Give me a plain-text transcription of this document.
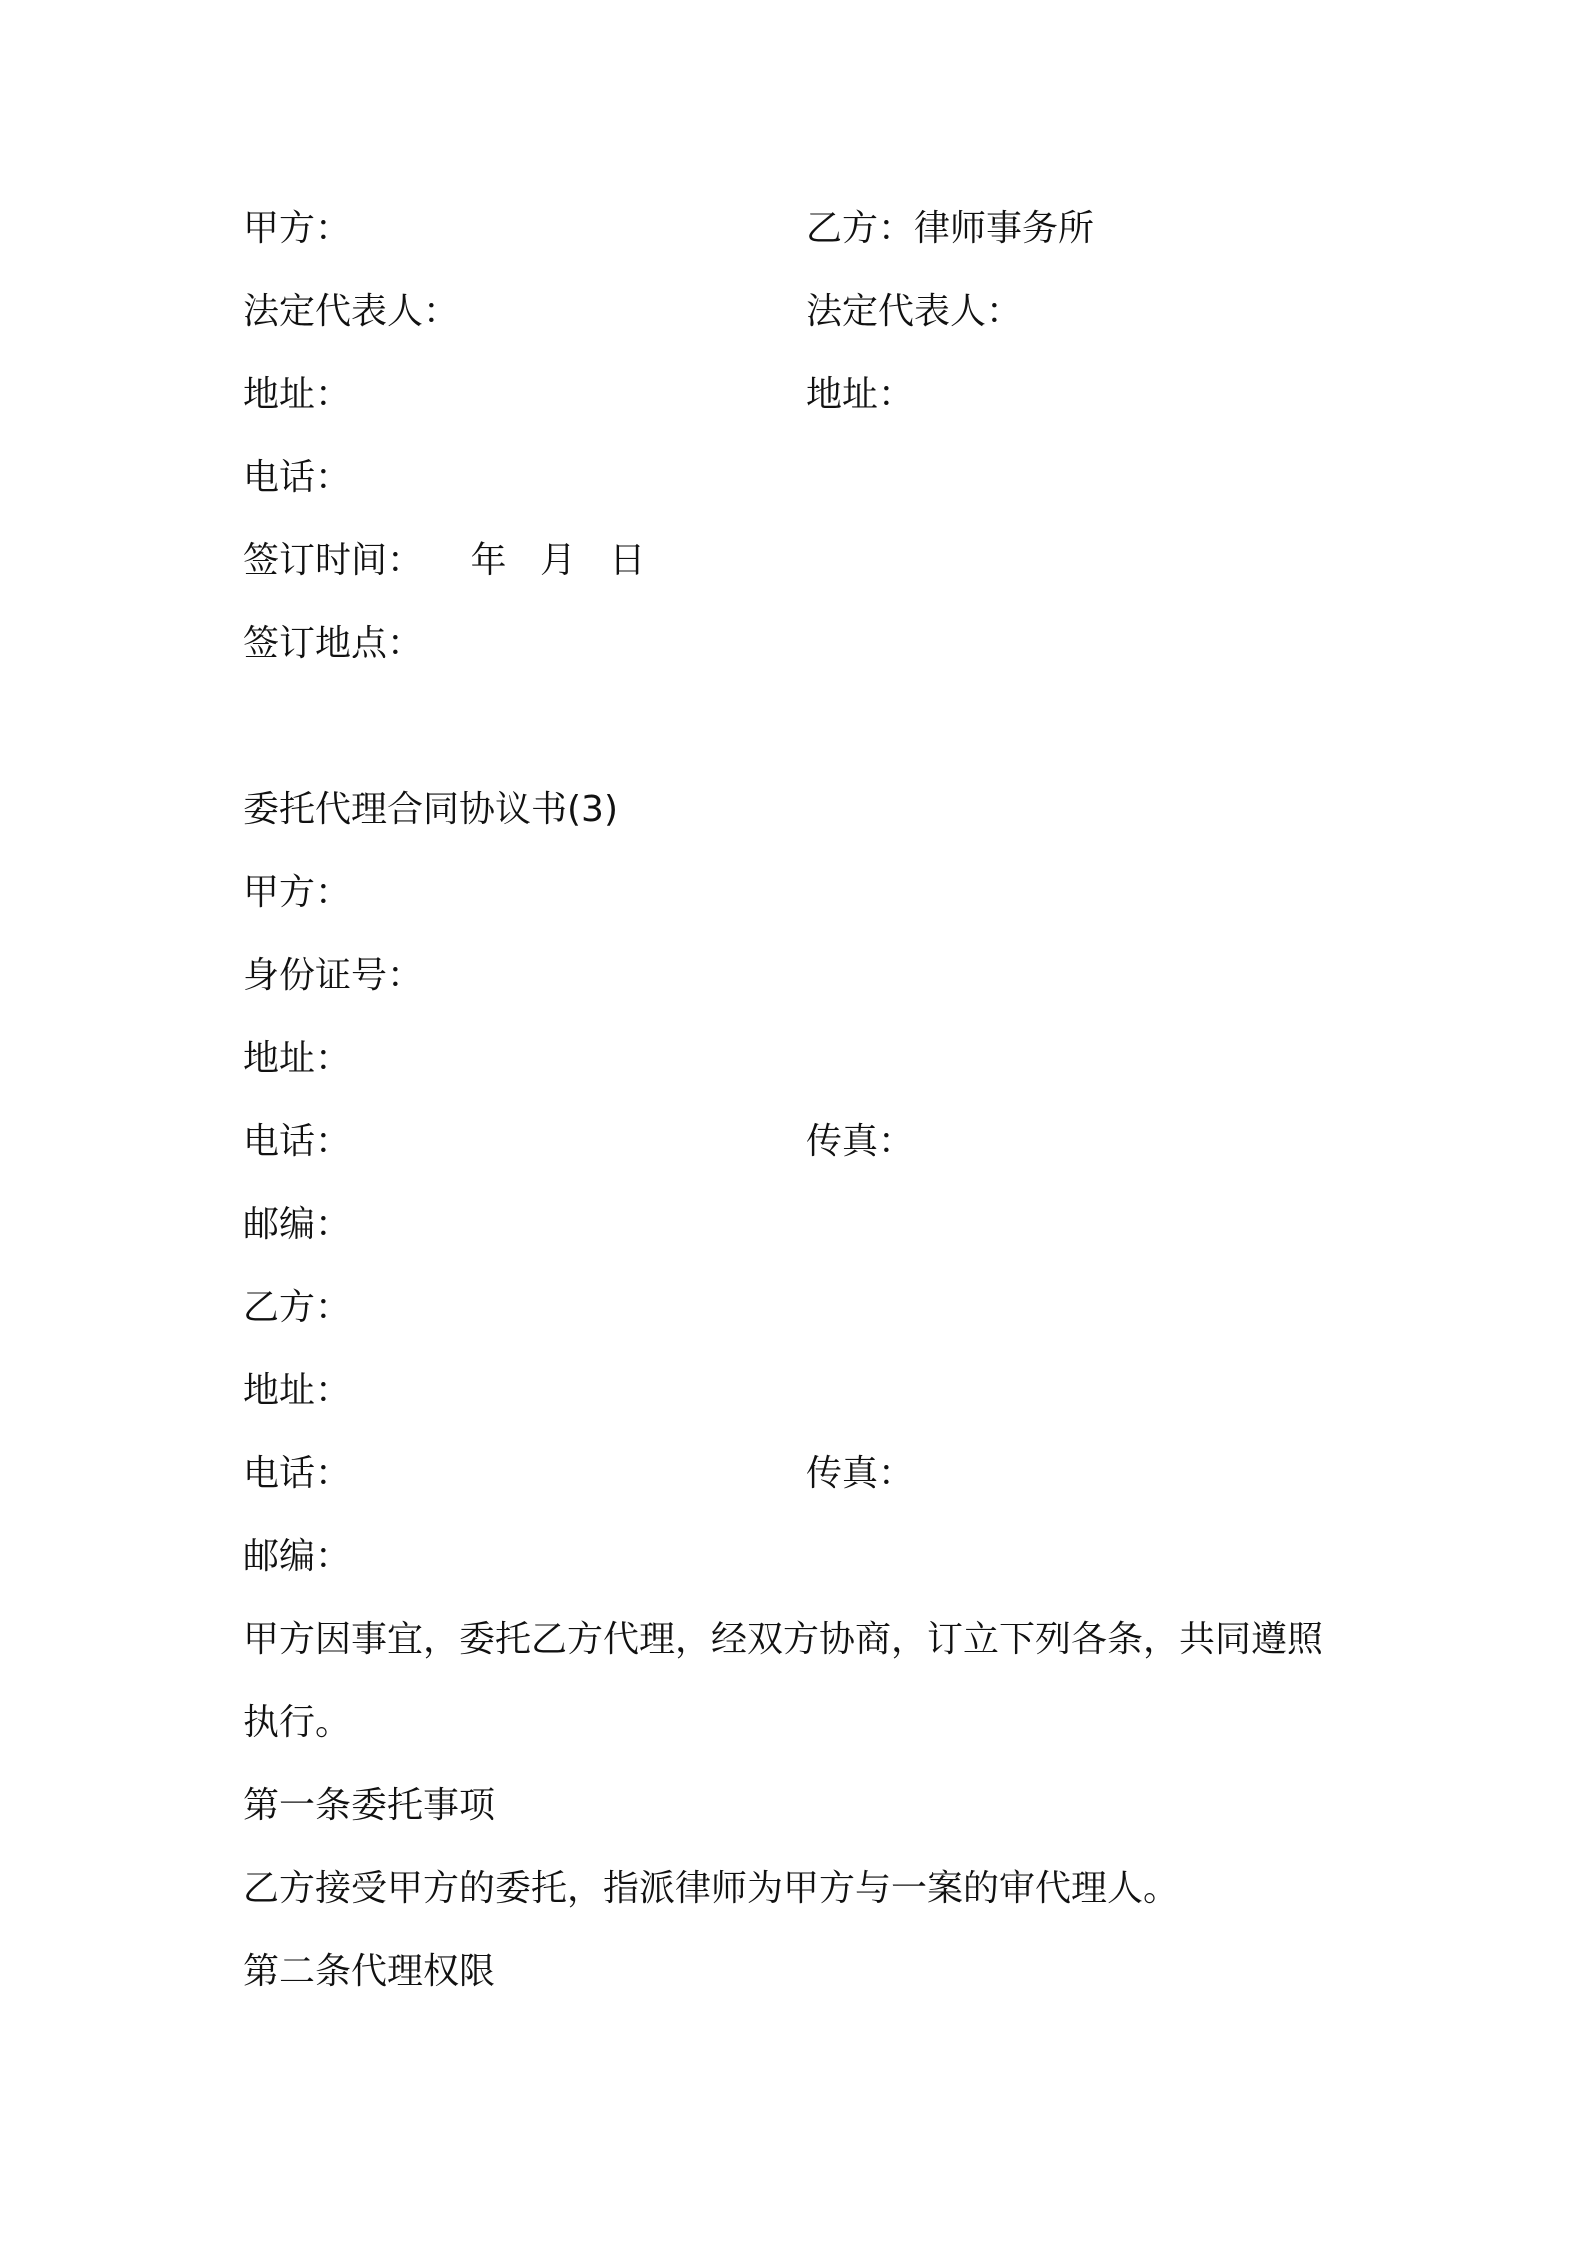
甲方：	乙方：律师事务所
法定代表人：	法定代表人：
地址：	地址：
电话：
签订时间： 年 月 日
签订地点：
委托代理合同协议书(3)
甲方：
身份证号：
地址：
电话：	传真：
邮编：
乙方：
地址：
电话：	传真：
邮编：
甲方因事宜，委托乙方代理，经双方协商，订立下列各条，共同遵照
执行。
第一条委托事项
乙方接受甲方的委托，指派律师为甲方与一案的审代理人。
第二条代理权限
